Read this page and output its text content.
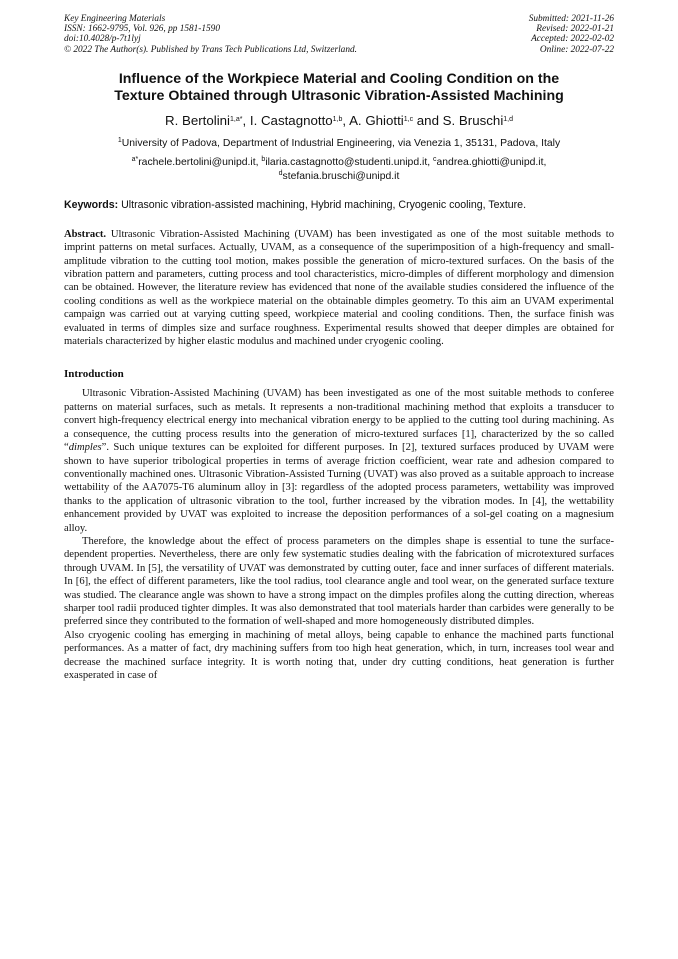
Key Engineering Materials
ISSN: 1662-9795, Vol. 926, pp 1581-1590
doi:10.4028/p-7t1lyj
© 2022 The Author(s). Published by Trans Tech Publications Ltd, Switzerland.
Submitted: 2021-11-26
Revised: 2022-01-21
Accepted: 2022-02-02
Online: 2022-07-22
Influence of the Workpiece Material and Cooling Condition on the
Texture Obtained through Ultrasonic Vibration-Assisted Machining
R. Bertolini$^{1,a*}$, I. Castagnotto$^{1,b}$, A. Ghiotti$^{1,c}$ and S. Bruschi$^{1,d}$
$^1$University of Padova, Department of Industrial Engineering, via Venezia 1, 35131, Padova, Italy
$^{a*}$rachele.bertolini@unipd.it, $^b$ilaria.castagnotto@studenti.unipd.it, $^c$andrea.ghiotti@unipd.it,
$^d$stefania.bruschi@unipd.it
Keywords: Ultrasonic vibration-assisted machining, Hybrid machining, Cryogenic cooling, Texture.
Abstract. Ultrasonic Vibration-Assisted Machining (UVAM) has been investigated as one of the most suitable methods to imprint patterns on metal surfaces. Actually, UVAM, as a consequence of the superimposition of a high-frequency and small-amplitude vibration to the cutting tool motion, makes possible the generation of micro-textured surfaces. On the basis of the vibration pattern and parameters, cutting process and tool characteristics, micro-dimples of different morphology and dimension can be obtained. However, the literature review has evidenced that none of the available studies considered the influence of the cooling conditions as well as the workpiece material on the obtainable dimples geometry. To this aim an UVAM experimental campaign was carried out at varying cutting speed, workpiece material and cooling conditions. Then, the surface finish was evaluated in terms of dimples size and surface roughness. Experimental results showed that deeper dimples are obtained for materials characterized by higher elastic modulus and machined under cryogenic cooling.
Introduction
Ultrasonic Vibration-Assisted Machining (UVAM) has been investigated as one of the most suitable methods to conferee patterns on material surfaces, such as metals. It represents a non-traditional machining method that exploits a transducer to convert high-frequency electrical energy into mechanical vibration energy to be applied to the cutting tool during machining. As a consequence, the cutting process results into the generation of micro-textured surfaces [1], characterized by the so called “dimples”. Such unique textures can be exploited for different purposes. In [2], textured surfaces produced by UVAM were shown to have superior tribological properties in terms of average friction coefficient, wear rate and adhesion compared to conventionally machined ones. Ultrasonic Vibration-Assisted Turning (UVAT) was also proved as a suitable approach to increase wettability of the AA7075-T6 aluminum alloy in [3]: regardless of the adopted process parameters, wettability was improved thanks to the application of ultrasonic vibration to the tool, further increased by the vibration modes. In [4], the wettability enhancement provided by UVAT was exploited to increase the deposition performances of a sol-gel coating on a magnesium alloy.
Therefore, the knowledge about the effect of process parameters on the dimples shape is essential to tune the surface-dependent properties. Nevertheless, there are only few systematic studies dealing with the fabrication of microtextured surfaces through UVAM. In [5], the versatility of UVAT was demonstrated by cutting outer, face and inner surfaces of different materials. In [6], the effect of different parameters, like the tool radius, tool clearance angle and tool wear, on the generated surface texture was studied. The clearance angle was shown to have a strong impact on the dimples profiles along the cutting direction, whereas sharper tool radii produced tighter dimples. It was also demonstrated that tool materials harder than carbides were generally to be preferred since they contributed to the formation of well-shaped and more homogeneously distributed dimples.
Also cryogenic cooling has emerging in machining of metal alloys, being capable to enhance the machined parts functional performances. As a matter of fact, dry machining suffers from too high heat generation, which, in turn, increases tool wear and decrease the machined surface integrity. It is worth noting that, under dry cutting conditions, heat generation is further exasperated in case of
